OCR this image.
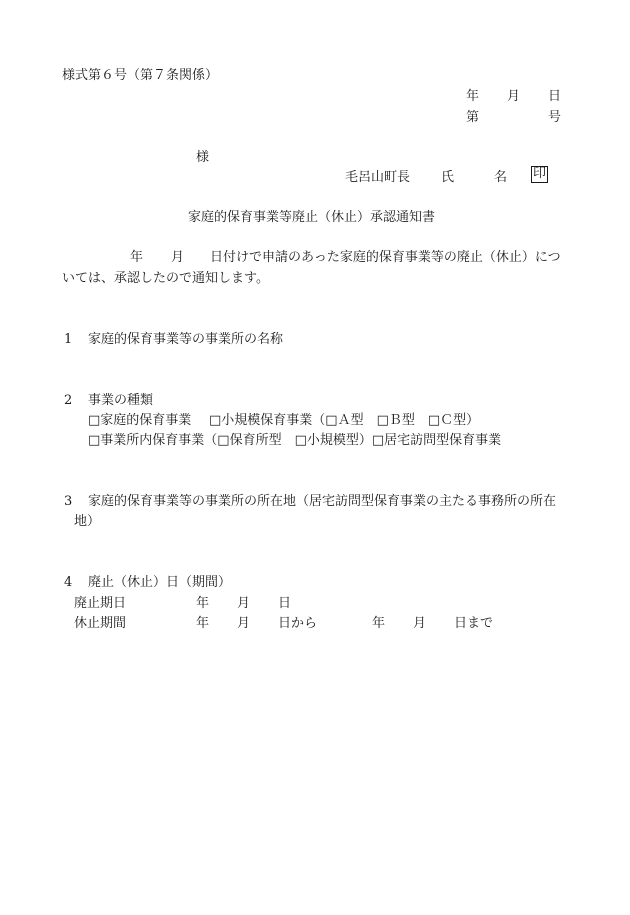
様式第６号（第７条関係）
年 月 日
第	号
様
毛呂山町長 氏	名 印
家庭的保育事業等廃止（休止）承認通知書
年 月 日付けで申請のあった家庭的保育事業等の廃止（休止）につ
いては、承認したので通知します。
1 家庭的保育事業等の事業所の名称
2 事業の種類
□家庭的保育事業 □小規模保育事業（□Ａ型　□Ｂ型　□Ｃ型）
□事業所内保育事業（□保育所型　□小規模型）□居宅訪問型保育事業
3 家庭的保育事業等の事業所の所在地（居宅訪問型保育事業の主たる事務所の所在
地）
4 廃止（休止）日（期間）
廃止期日	年 月 日
休止期間	年 月 日から	年 月 日まで
